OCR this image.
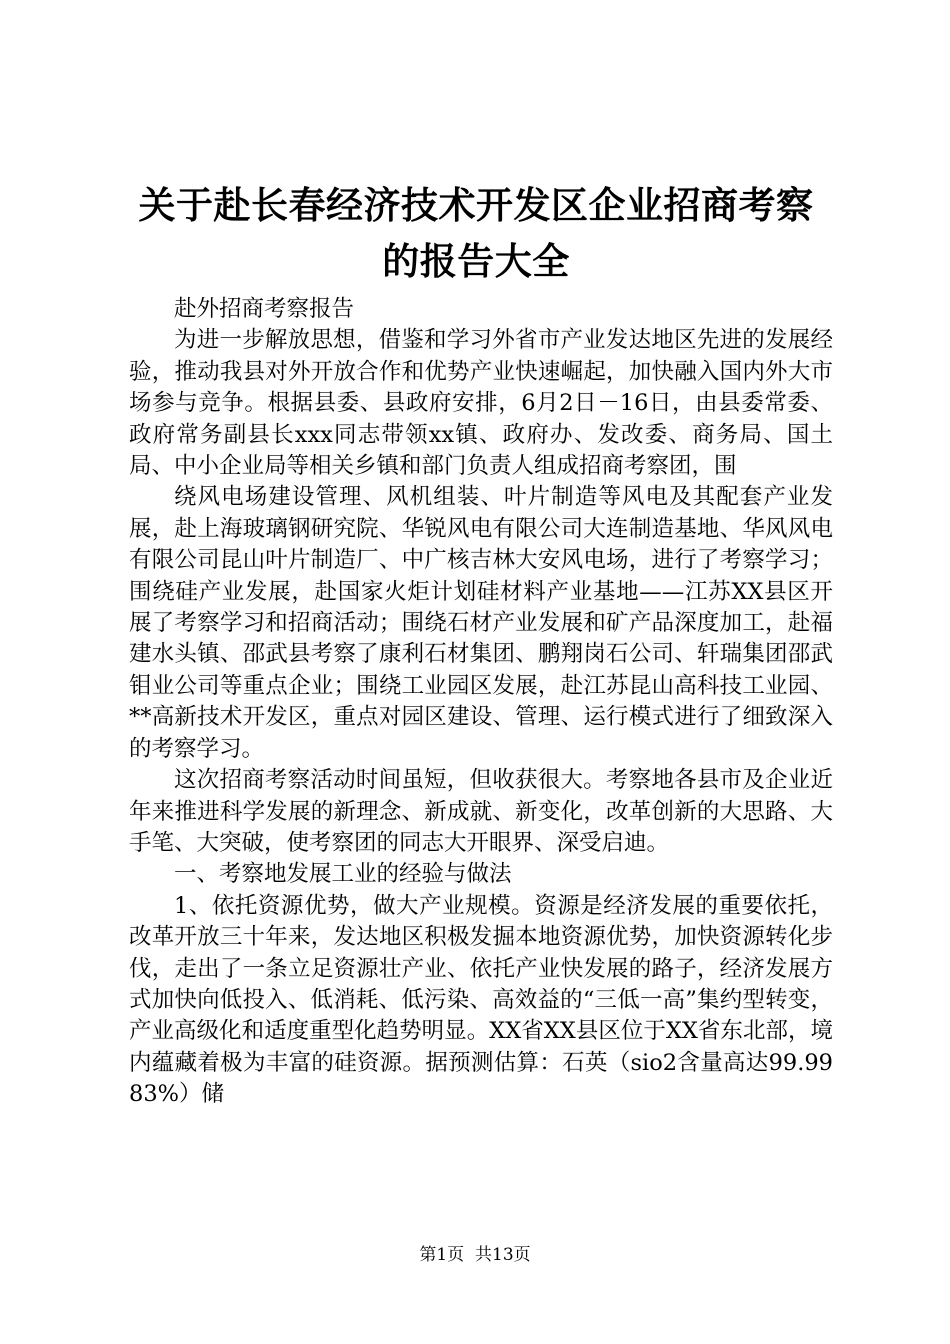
关于赴长春经济技术开发区企业招商考察的报告大全

赴外招商考察报告

为进一步解放思想，借鉴和学习外省市产业发达地区先进的发展经验，推动我县对外开放合作和优势产业快速崛起，加快融入国内外大市场参与竞争。根据县委、县政府安排，6月2日－16日，由县委常委、政府常务副县长xxx同志带领xx镇、政府办、发改委、商务局、国土局、中小企业局等相关乡镇和部门负责人组成招商考察团，围

绕风电场建设管理、风机组装、叶片制造等风电及其配套产业发展，赴上海玻璃钢研究院、华锐风电有限公司大连制造基地、华风风电有限公司昆山叶片制造厂、中广核吉林大安风电场，进行了考察学习；围绕硅产业发展，赴国家火炬计划硅材料产业基地——江苏XX县区开展了考察学习和招商活动；围绕石材产业发展和矿产品深度加工，赴福建水头镇、邵武县考察了康利石材集团、鹏翔岗石公司、轩瑞集团邵武钼业公司等重点企业；围绕工业园区发展，赴江苏昆山高科技工业园、**高新技术开发区，重点对园区建设、管理、运行模式进行了细致深入的考察学习。

这次招商考察活动时间虽短，但收获很大。考察地各县市及企业近年来推进科学发展的新理念、新成就、新变化，改革创新的大思路、大手笔、大突破，使考察团的同志大开眼界、深受启迪。

一、考察地发展工业的经验与做法

1、依托资源优势，做大产业规模。资源是经济发展的重要依托，改革开放三十年来，发达地区积极发掘本地资源优势，加快资源转化步伐，走出了一条立足资源壮产业、依托产业快发展的路子，经济发展方式加快向低投入、低消耗、低污染、高效益的“三低一高”集约型转变，产业高级化和适度重型化趋势明显。XX省XX县区位于XX省东北部，境内蕴藏着极为丰富的硅资源。据预测估算：石英（sio2含量高达99.9983%）储

第1页 共13页
